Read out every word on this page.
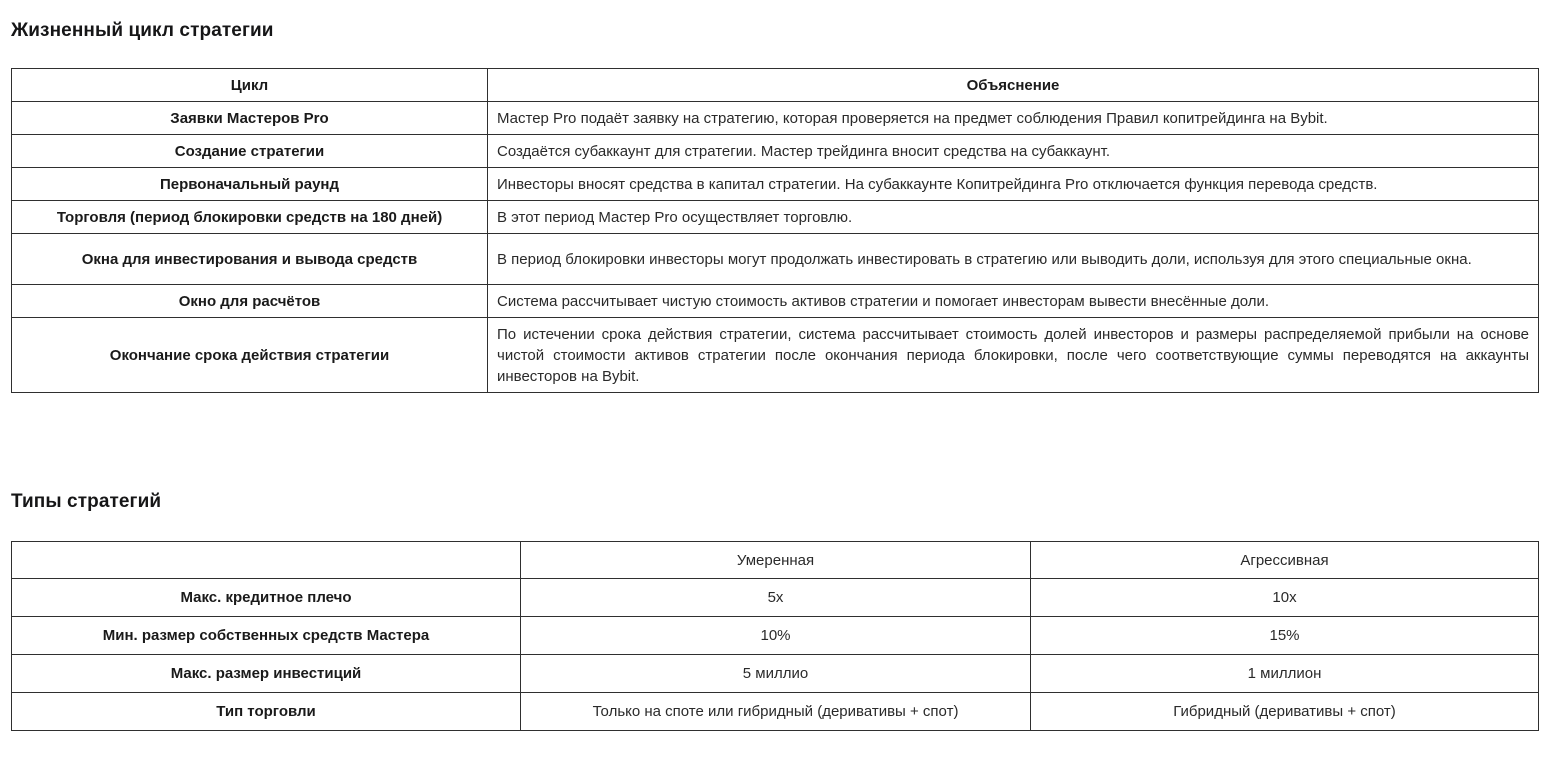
Жизненный цикл стратегии
Цикл	Объяснение
Заявки Мастеров Pro	Мастер Pro подаёт заявку на стратегию, которая проверяется на предмет соблюдения Правил копитрейдинга на Bybit.
Создание стратегии	Создаётся субаккаунт для стратегии. Мастер трейдинга вносит средства на субаккаунт.
Первоначальный раунд	Инвесторы вносят средства в капитал стратегии. На субаккаунте Копитрейдинга Pro отключается функция перевода средств.
Торговля (период блокировки средств на 180 дней)	В этот период Мастер Pro осуществляет торговлю.
Окна для инвестирования и вывода средств	В период блокировки инвесторы могут продолжать инвестировать в стратегию или выводить доли, используя для этого специальные окна.
Окно для расчётов	Система рассчитывает чистую стоимость активов стратегии и помогает инвесторам вывести внесённые доли.
Окончание срока действия стратегии	По истечении срока действия стратегии, система рассчитывает стоимость долей инвесторов и размеры распределяемой прибыли на основе чистой стоимости активов стратегии после окончания периода блокировки, после чего соответствующие суммы переводятся на аккаунты инвесторов на Bybit.
Типы стратегий
	Умеренная	Агрессивная
Макс. кредитное плечо	5x	10x
Мин. размер собственных средств Мастера	10%	15%
Макс. размер инвестиций	5 миллио	1 миллион
Тип торговли	Только на споте или гибридный (деривативы + спот)	Гибридный (деривативы + спот)
